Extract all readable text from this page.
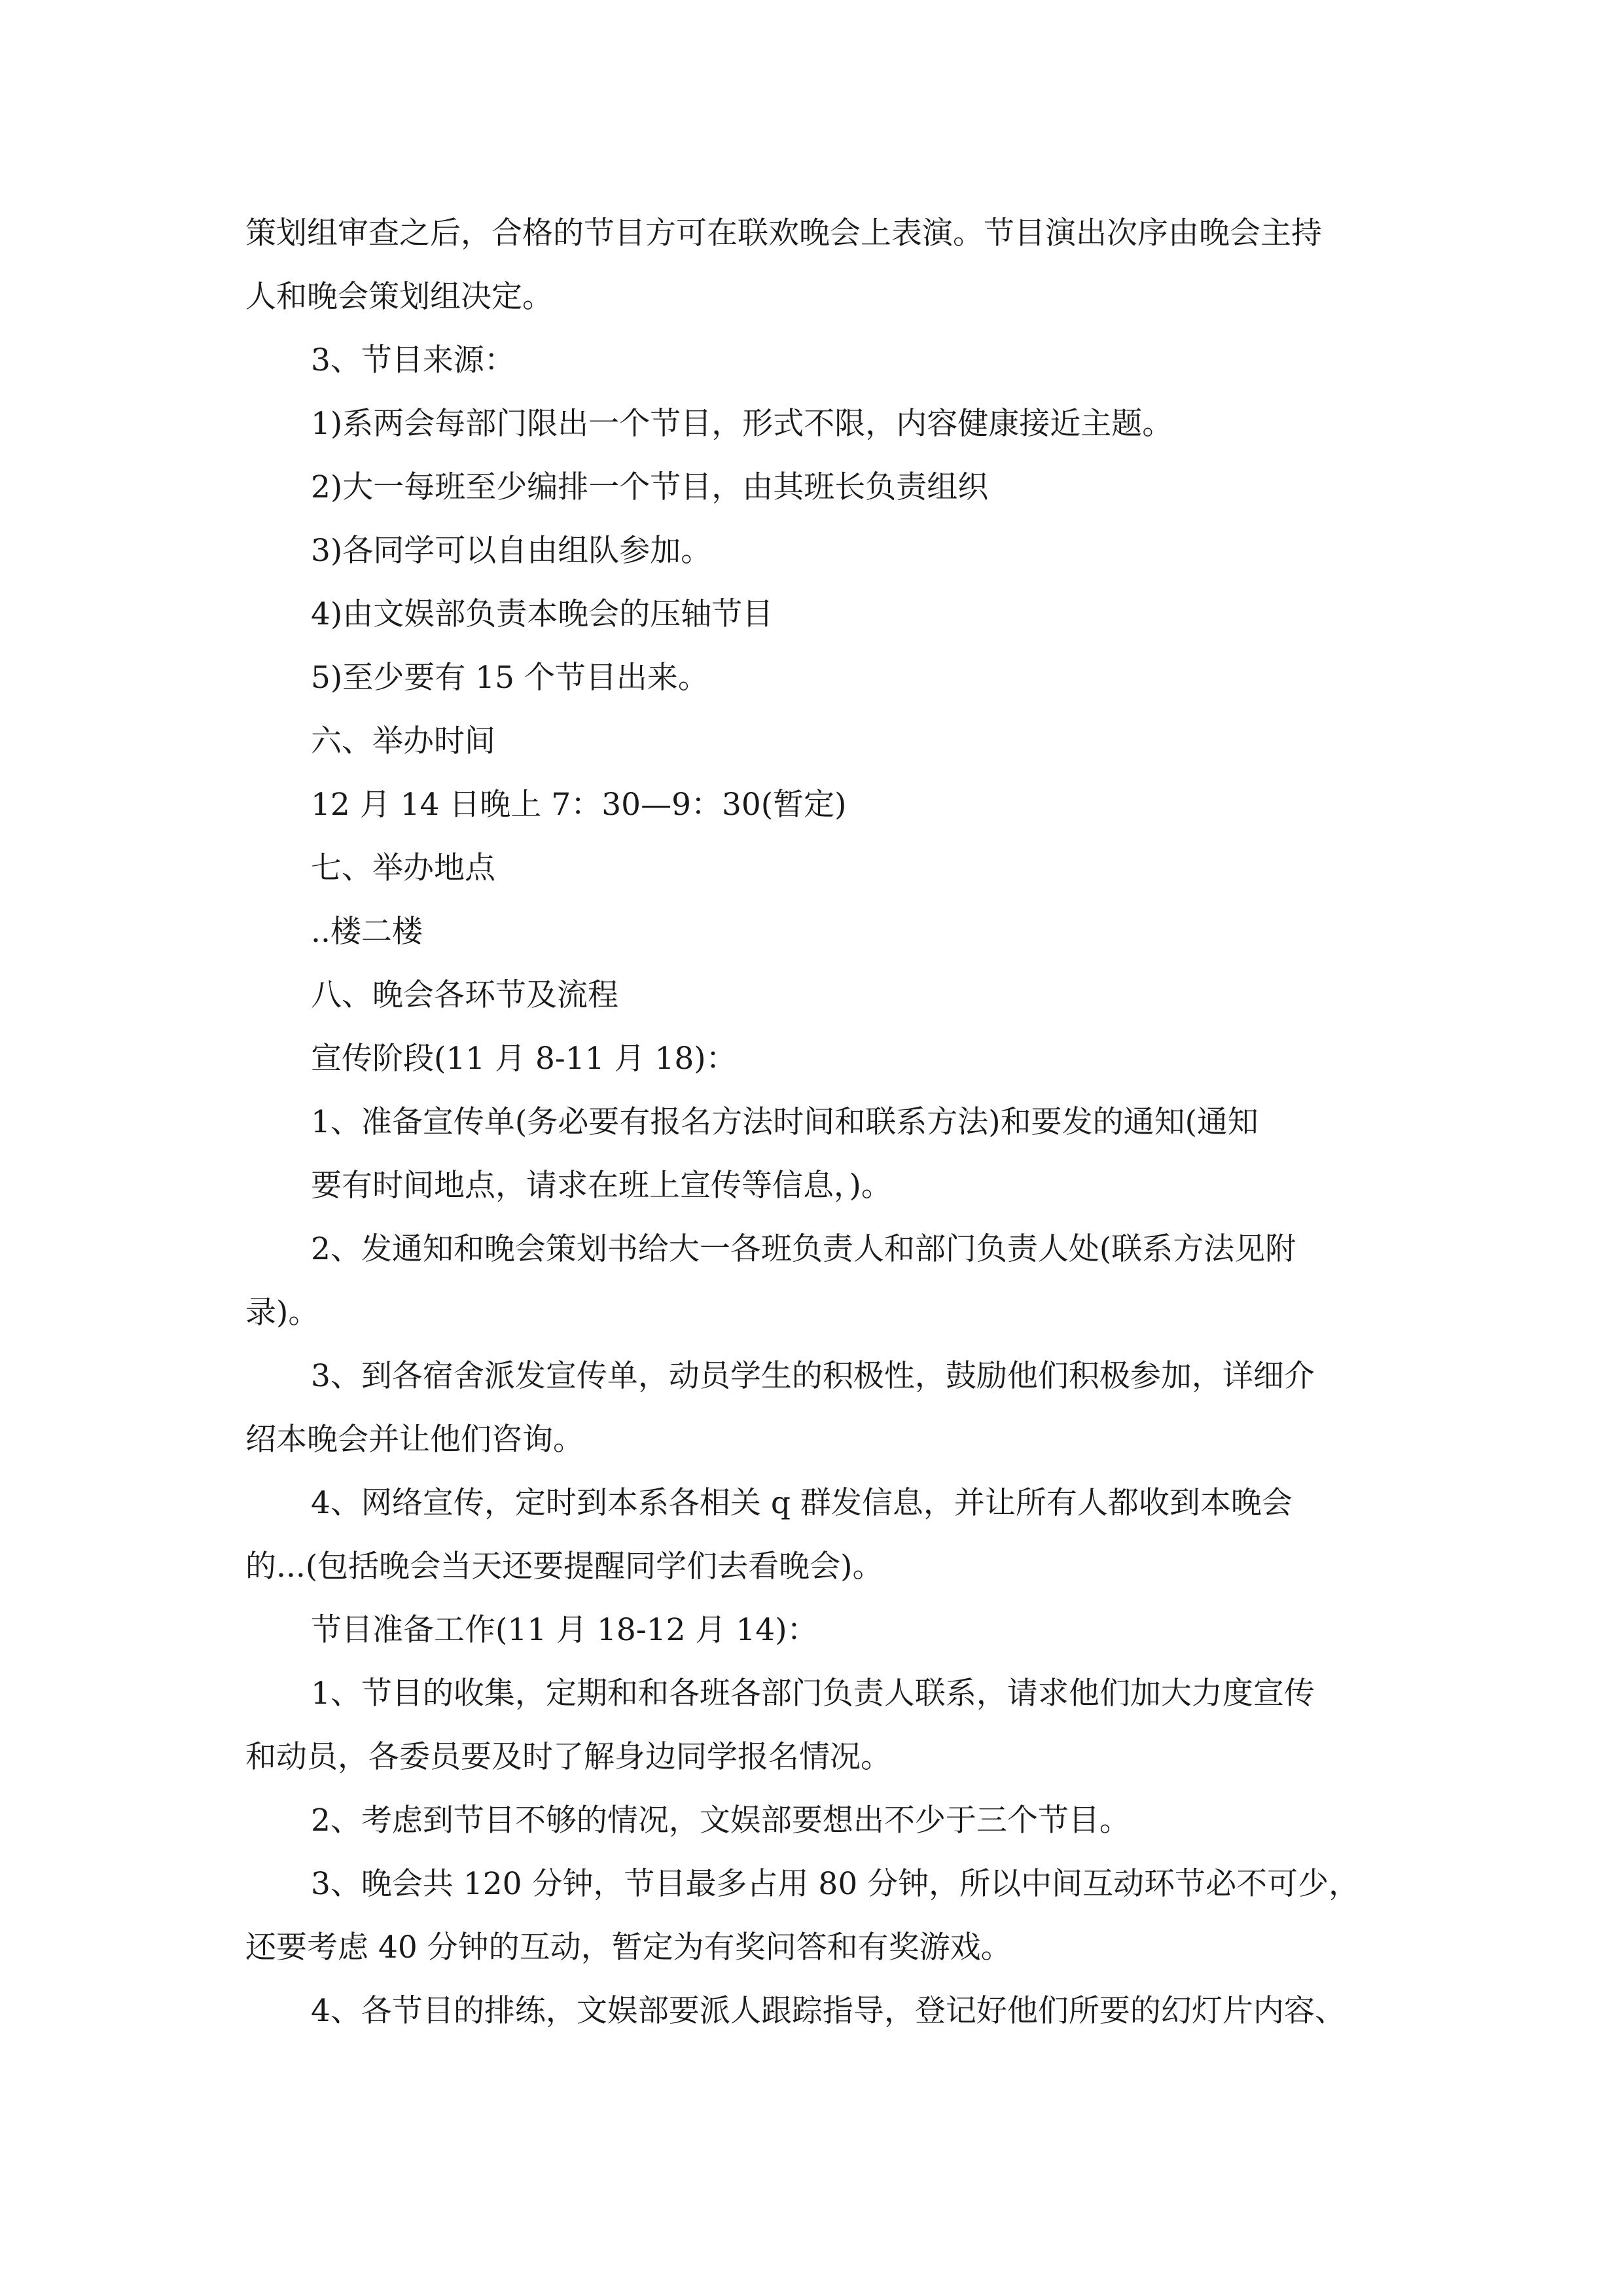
策划组审查之后，合格的节目方可在联欢晚会上表演。节目演出次序由晚会主持
人和晚会策划组决定。
3、节目来源：
1)系两会每部门限出一个节目，形式不限，内容健康接近主题。
2)大一每班至少编排一个节目，由其班长负责组织
3)各同学可以自由组队参加。
4)由文娱部负责本晚会的压轴节目
5)至少要有 15 个节目出来。
六、举办时间
12 月 14 日晚上 7：30—9：30(暂定)
七、举办地点
..楼二楼
八、晚会各环节及流程
宣传阶段(11 月 8-11 月 18)：
1、准备宣传单(务必要有报名方法时间和联系方法)和要发的通知(通知
要有时间地点，请求在班上宣传等信息，)。
2、发通知和晚会策划书给大一各班负责人和部门负责人处(联系方法见附
录)。
3、到各宿舍派发宣传单，动员学生的积极性，鼓励他们积极参加，详细介
绍本晚会并让他们咨询。
4、网络宣传，定时到本系各相关 q 群发信息，并让所有人都收到本晚会
的...(包括晚会当天还要提醒同学们去看晚会)。
节目准备工作(11 月 18-12 月 14)：
1、节目的收集，定期和和各班各部门负责人联系，请求他们加大力度宣传
和动员，各委员要及时了解身边同学报名情况。
2、考虑到节目不够的情况，文娱部要想出不少于三个节目。
3、晚会共 120 分钟，节目最多占用 80 分钟，所以中间互动环节必不可少，
还要考虑 40 分钟的互动，暂定为有奖问答和有奖游戏。
4、各节目的排练，文娱部要派人跟踪指导，登记好他们所要的幻灯片内容、
